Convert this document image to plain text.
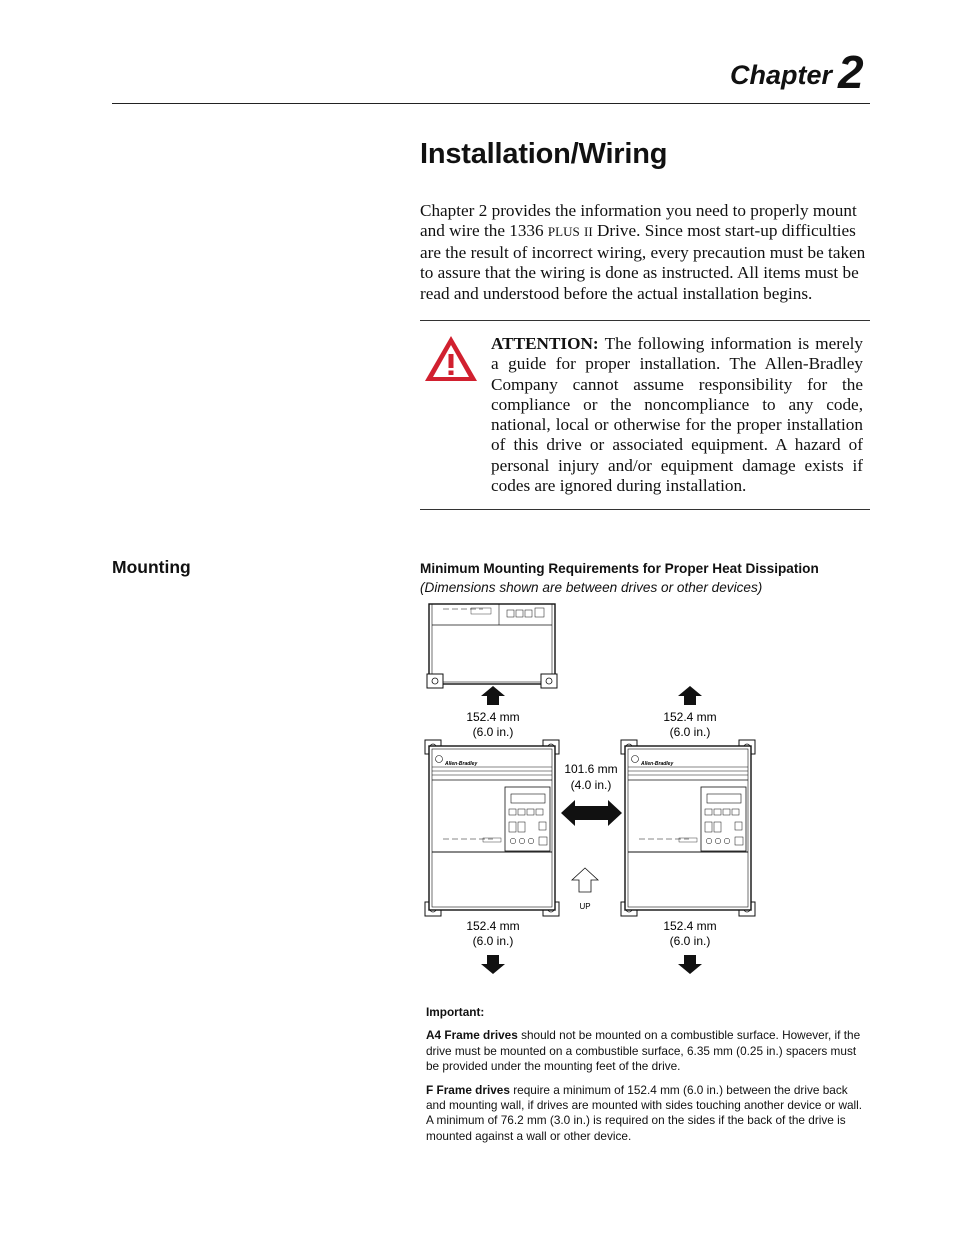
Chapter 2
Installation/Wiring
Chapter 2 provides the information you need to properly mount and wire the 1336 PLUS II Drive. Since most start-up difficulties are the result of incorrect wiring, every precaution must be taken to assure that the wiring is done as instructed. All items must be read and understood before the actual installation begins.
ATTENTION: The following information is merely a guide for proper installation. The Allen-Bradley Company cannot assume responsibility for the compliance or the noncompliance to any code, national, local or otherwise for the proper installation of this drive or associated equipment. A hazard of personal injury and/or equipment damage exists if codes are ignored during installation.
Mounting	Minimum Mounting Requirements for Proper Heat Dissipation
(Dimensions shown are between drives or other devices)
152.4 mm
(6.0 in.)
152.4 mm
(6.0 in.)
Allen-Bradley	Allen-Bradley
101.6 mm
(4.0 in.)
UP
152.4 mm
(6.0 in.)
152.4 mm
(6.0 in.)

Important:

A4 Frame drives should not be mounted on a combustible surface. However, if the drive must be mounted on a combustible surface, 6.35 mm (0.25 in.) spacers must be provided under the mounting feet of the drive.

F Frame drives require a minimum of 152.4 mm (6.0 in.) between the drive back and mounting wall, if drives are mounted with sides touching another device or wall. A minimum of 76.2 mm (3.0 in.) is required on the sides if the back of the drive is mounted against a wall or other device.
